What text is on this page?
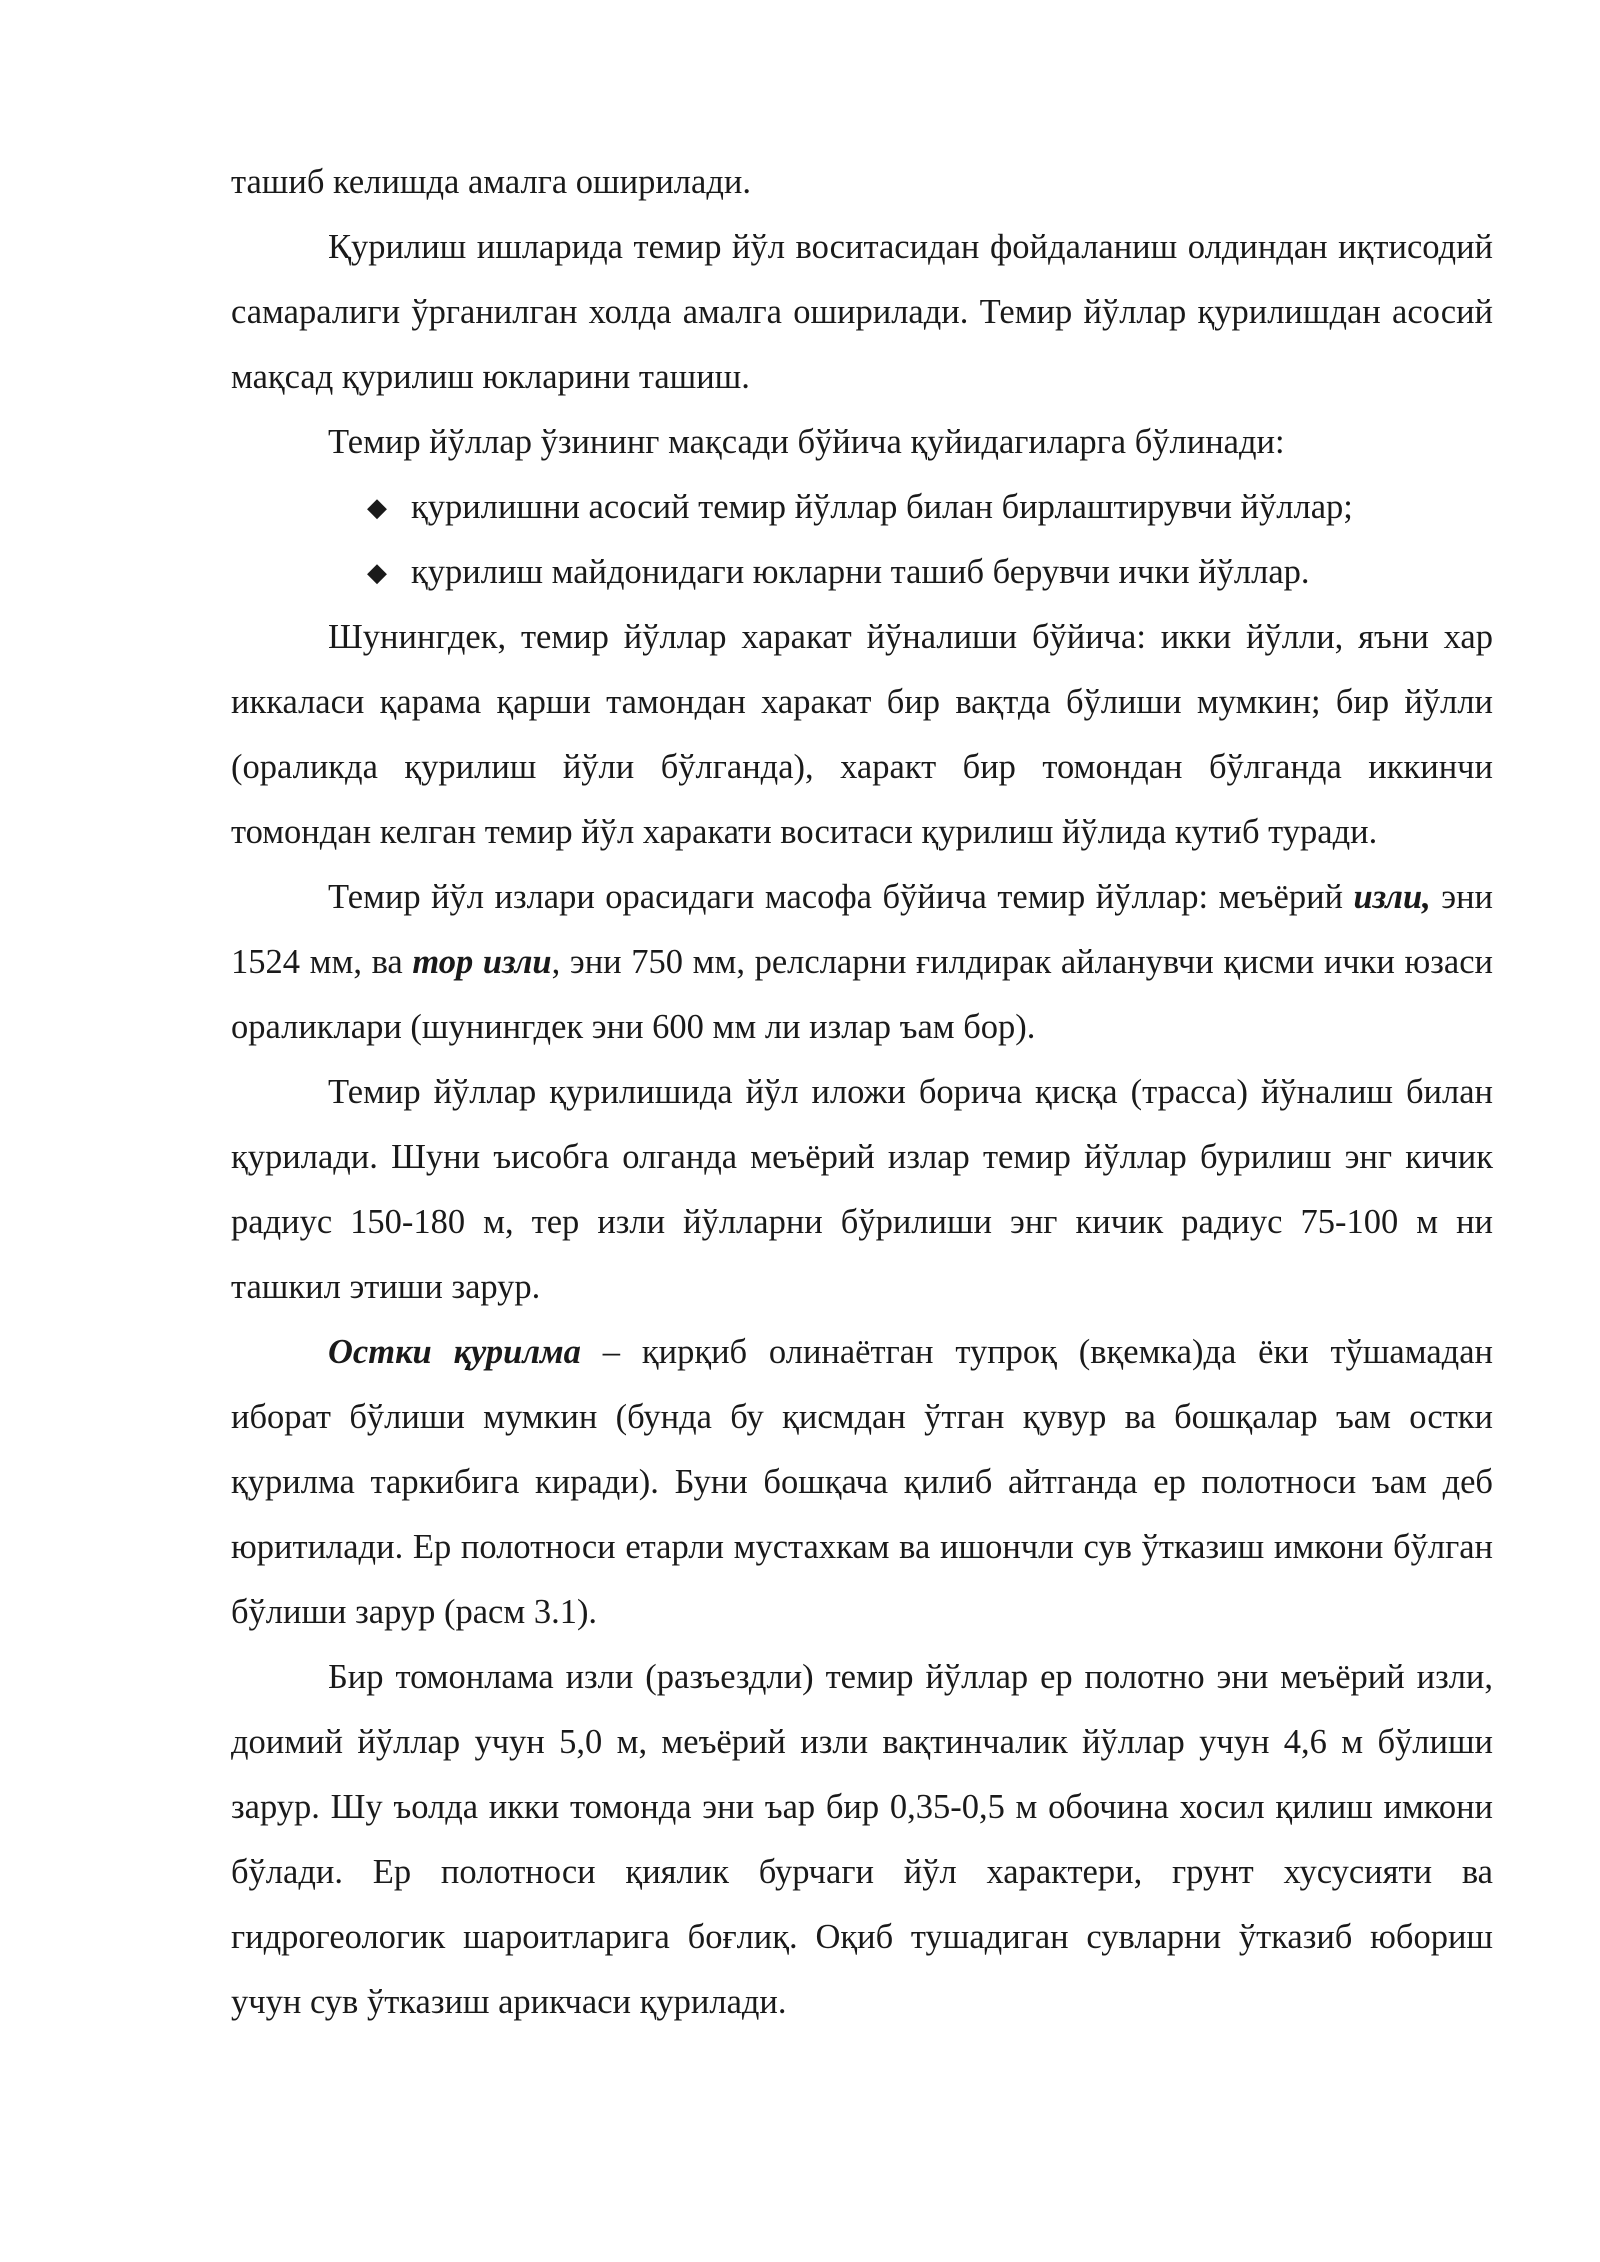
ташиб келишда амалга оширилади.

Қурилиш ишларида темир йўл воситасидан фойдаланиш олдиндан иқтисодий самаралиги ўрганилган холда амалга оширилади. Темир йўллар қурилишдан асосий мақсад қурилиш юкларини ташиш.

Темир йўллар ўзининг мақсади бўйича қуйидагиларга бўлинади:

◆ қурилишни асосий темир йўллар билан бирлаштирувчи йўллар;
◆ қурилиш майдонидаги юкларни ташиб берувчи ички йўллар.

Шунингдек, темир йўллар харакат йўналиши бўйича: икки йўлли, яъни хар иккаласи қарама қарши тамондан харакат бир вақтда бўлиши мумкин; бир йўлли (ораликда қурилиш йўли бўлганда), характ бир томондан бўлганда иккинчи томондан келган темир йўл харакати воситаси қурилиш йўлида кутиб туради.

Темир йўл излари орасидаги масофа бўйича темир йўллар: меъёрий изли, эни 1524 мм, ва тор изли, эни 750 мм, релсларни ғилдирак айланувчи қисми ички юзаси ораликлари (шунингдек эни 600 мм ли излар ъам бор).

Темир йўллар қурилишида йўл иложи борича қисқа (трасса) йўналиш билан қурилади. Шуни ъисобга олганда меъёрий излар темир йўллар бурилиш энг кичик радиус 150-180 м, тер изли йўлларни бўрилиши энг кичик радиус 75-100 м ни ташкил этиши зарур.

Остки қурилма – қирқиб олинаётган тупроқ (вқемка)да ёки тўшамадан иборат бўлиши мумкин (бунда бу қисмдан ўтган қувур ва бошқалар ъам остки қурилма таркибига киради). Буни бошқача қилиб айтганда ер полотноси ъам деб юритилади. Ер полотноси етарли мустахкам ва ишончли сув ўтказиш имкони бўлган бўлиши зарур (расм 3.1).

Бир томонлама изли (разъездли) темир йўллар ер полотно эни меъёрий изли, доимий йўллар учун 5,0 м, меъёрий изли вақтинчалик йўллар учун 4,6 м бўлиши зарур. Шу ъолда икки томонда эни ъар бир 0,35-0,5 м обочина хосил қилиш имкони бўлади. Ер полотноси қиялик бурчаги йўл характери, грунт хусусияти ва гидрогеологик шароитларига боғлиқ. Оқиб тушадиган сувларни ўтказиб юбориш учун сув ўтказиш арикчаси қурилади.
